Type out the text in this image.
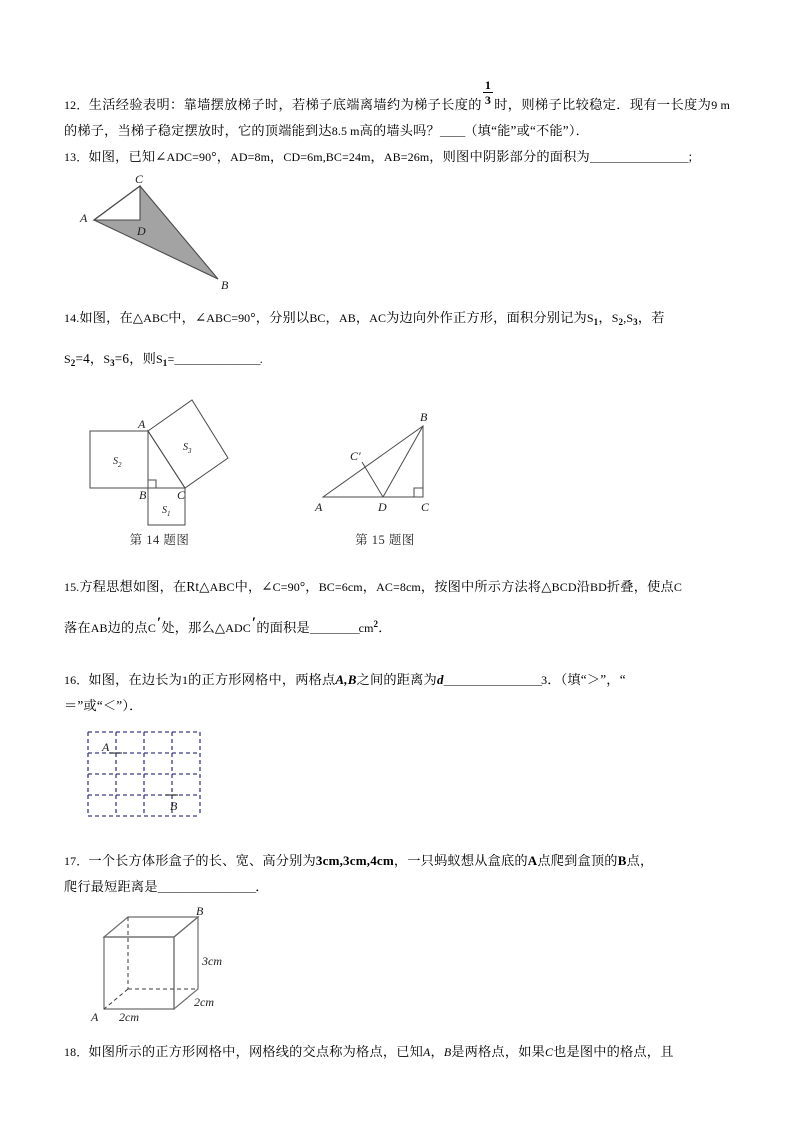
12．生活经验表明：靠墙摆放梯子时，若梯子底端离墙约为梯子长度的 $\frac{1}{3}$ 时，则梯子比较稳定．现有一长度为9 m的梯子，当梯子稳定摆放时，它的顶端能到达8.5 m高的墙头吗？＿＿（填“能”或“不能”）．
13．如图，已知∠ADC=90°，AD=8m，CD=6m,BC=24m，AB=26m，则图中阴影部分的面积为＿＿＿＿＿＿＿＿；
A
C
D
B
14.如图，在△ABC中，∠ABC=90°，分别以BC，AB，AC为边向外作正方形，面积分别记为$S_1$，$S_2,S_3$，若
$S_2=4$，$S_3=6$，则$S_1=\_\_\_\_\_\_\_$.
A
B	C
$S_2$
$S_1$
$S_3$
第 14 题图
A
B
C
D
C′
第 15 题图
15.方程思想如图，在Rt△ABC中，∠C=90°，BC=6cm，AC=8cm，按图中所示方法将△BCD沿BD折叠，使点C
落在AB边的点C′处，那么△ADC′的面积是$\_\_\_\_cm^2$．
16．如图，在边长为1的正方形网格中，两格点A,B之间的距离为d＿＿＿＿＿＿＿＿3．（填“＞”，“
＝”或“＜”）．
A
B
17．一个长方体形盒子的长、宽、高分别为3cm,3cm,4cm，一只蚂蚁想从盒底的A点爬到盒顶的B点，
爬行最短距离是＿＿＿＿＿＿＿＿．
B
A
3cm
2cm
2cm
18．如图所示的正方形网格中，网格线的交点称为格点，已知A，B是两格点，如果C也是图中的格点，且
